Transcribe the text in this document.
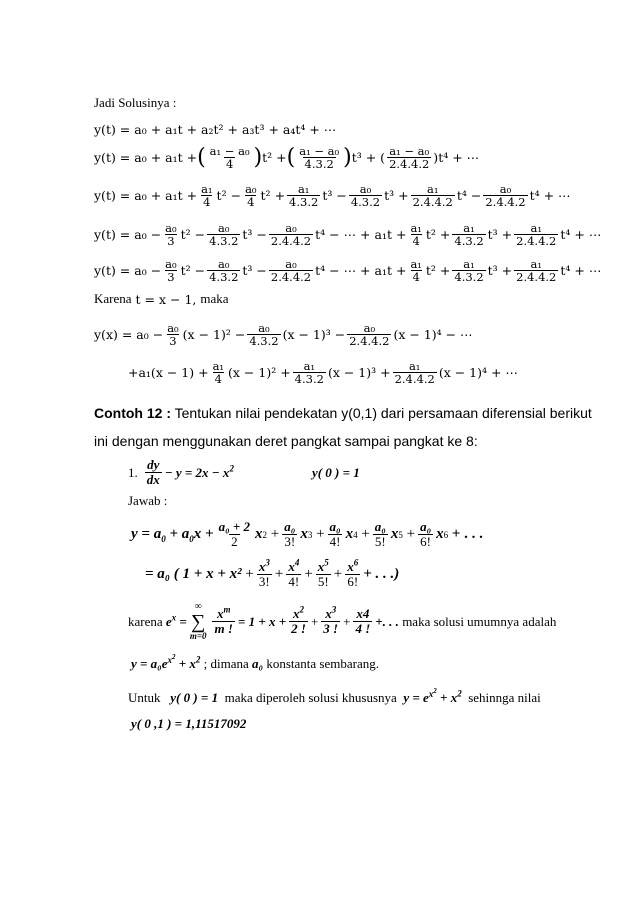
Jadi Solusinya :
y(t) = a₀ + a₁t + a₂t² + a₃t³ + a₄t⁴ + ⋯
y(t) = a₀ + a₁t + ( $\frac{\text{a₁ − a₀}}{4}$ ) t² + ( $\frac{\text{a₁ − a₀}}{4.3.2}$ ) t³ + ( $\frac{\text{a₁ − a₀}}{2.4.4.2}$ ) t⁴ + ⋯
$y(t) = a_0 + a_1t + \frac{\text{a₁}}{4} t^2$
− $\frac{\text{a₀}}{4} t^2$
+ $\frac{\text{a₁}}{4.3.2} t^3$
− $\frac{\text{a₀}}{4.3.2} t^3$
+ $\frac{\text{a₁}}{2.4.4.2} t^4$
− $\frac{\text{a₀}}{2.4.4.2} t^4$ + ⋯
$y(t) = a_0 - \frac{\text{a₀}}{3} t^2 - \frac{\text{a₀}}{4.3.2} t^3 - \frac{\text{a₀}}{2.4.4.2} t^4$ − ⋯ + $a_1t + \frac{\text{a₁}}{4} t^2 + \frac{\text{a₁}}{4.3.2} t^3 + \frac{\text{a₁}}{2.4.4.2} t^4$ + ⋯
$y(t) = a_0 - \frac{\text{a₀}}{3} t^2 - \frac{\text{a₀}}{4.3.2} t^3 - \frac{\text{a₀}}{2.4.4.2} t^4$ − ⋯ + $a_1t + \frac{\text{a₁}}{4} t^2 + \frac{\text{a₁}}{4.3.2} t^3 + \frac{\text{a₁}}{2.4.4.2} t^4$ + ⋯
Karena
t = x − 1,
maka
$y(x) = a_0 - \frac{\text{a₀}}{3} (x - 1)^2 - \frac{\text{a₀}}{4.3.2} (x - 1)^3 - \frac{\text{a₀}}{2.4.4.2} (x - 1)^4$ − ⋯
$+a_1(x - 1) + \frac{\text{a₁}}{4} (x - 1)^2 + \frac{\text{a₁}}{4.3.2} (x - 1)^3 + \frac{\text{a₁}}{2.4.4.2} (x - 1)^4$ + ⋯
Contoh 12 : Tentukan nilai pendekatan y(0,1) dari persamaan diferensial berikut
ini dengan menggunakan deret pangkat sampai pangkat ke 8:
1.
$\frac{dy}{dx} - y = 2x - x^2$	y( 0 ) = 1
Jawab :
$y = a_0 + a_0x + \frac{\text{a₀ + 2}}{2}$ x $2 + \frac{\text{a₀}}{3!}$ x $3 + \frac{\text{a₀}}{4!}$ x $4 + \frac{\text{a₀}}{5!}$ x $5 + \frac{\text{a₀}}{6!}$ x 6
+ . . .
= a₀ ( $1 + x + x^2 + \frac{x^3}{3!} + \frac{x^4}{4!} + \frac{x^5}{5!} + \frac{x^6}{6!}$ + . . .)
karena
$e^x$ =
∞
∑
$m=0 \frac{x^m}{m !} = 1 + x + \frac{x^2}{2 !} + \frac{x^3}{3 !} + \frac{x4}{4 !}$ +. . .
maka solusi umumnya adalah
$y = a_0e^{x^2} + x^2$
; dimana
a₀
konstanta sembarang.
Untuk
y( 0 ) = 1
maka diperoleh solusi khususnya
$y = e^{x^2} + x^2$
sehinnga nilai
y( 0 ,1 ) = 1,11517092
